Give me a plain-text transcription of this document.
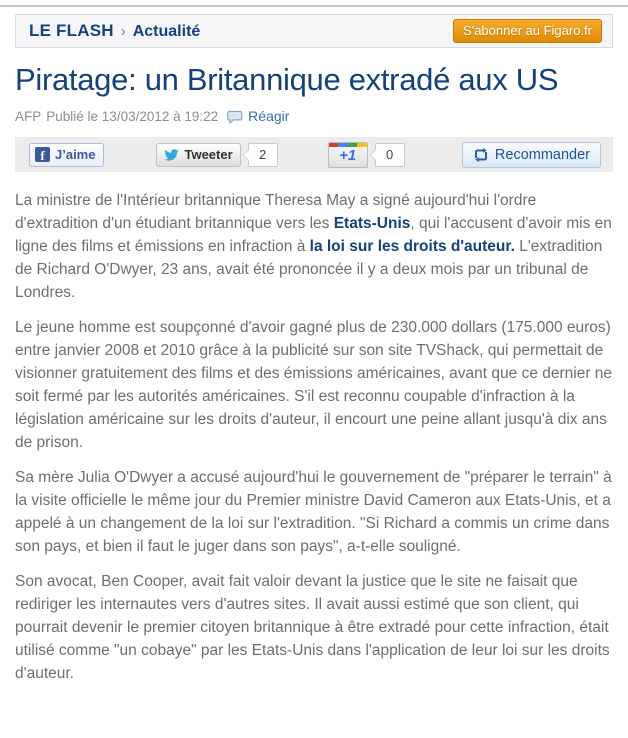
LE FLASH › Actualité	S'abonner au Figaro.fr
Piratage: un Britannique extradé aux US
AFP Publié le 13/03/2012 à 19:22 Réagir
f J’aime	Tweeter	2	+1	0	Recommander

La ministre de l'Intérieur britannique Theresa May a signé aujourd'hui l'ordre d'extradition d'un étudiant britannique vers les Etats-Unis, qui l'accusent d'avoir mis en ligne des films et émissions en infraction à la loi sur les droits d'auteur. L'extradition de Richard O'Dwyer, 23 ans, avait été prononcée il y a deux mois par un tribunal de Londres.

Le jeune homme est soupçonné d'avoir gagné plus de 230.000 dollars (175.000 euros) entre janvier 2008 et 2010 grâce à la publicité sur son site TVShack, qui permettait de visionner gratuitement des films et des émissions américaines, avant que ce dernier ne soit fermé par les autorités américaines. S'il est reconnu coupable d'infraction à la législation américaine sur les droits d'auteur, il encourt une peine allant jusqu'à dix ans de prison.

Sa mère Julia O'Dwyer a accusé aujourd'hui le gouvernement de "préparer le terrain" à la visite officielle le même jour du Premier ministre David Cameron aux Etats-Unis, et a appelé à un changement de la loi sur l'extradition. "Si Richard a commis un crime dans son pays, et bien il faut le juger dans son pays", a-t-elle souligné.

Son avocat, Ben Cooper, avait fait valoir devant la justice que le site ne faisait que rediriger les internautes vers d'autres sites. Il avait aussi estimé que son client, qui pourrait devenir le premier citoyen britannique à être extradé pour cette infraction, était utilisé comme "un cobaye" par les Etats-Unis dans l'application de leur loi sur les droits d'auteur.
